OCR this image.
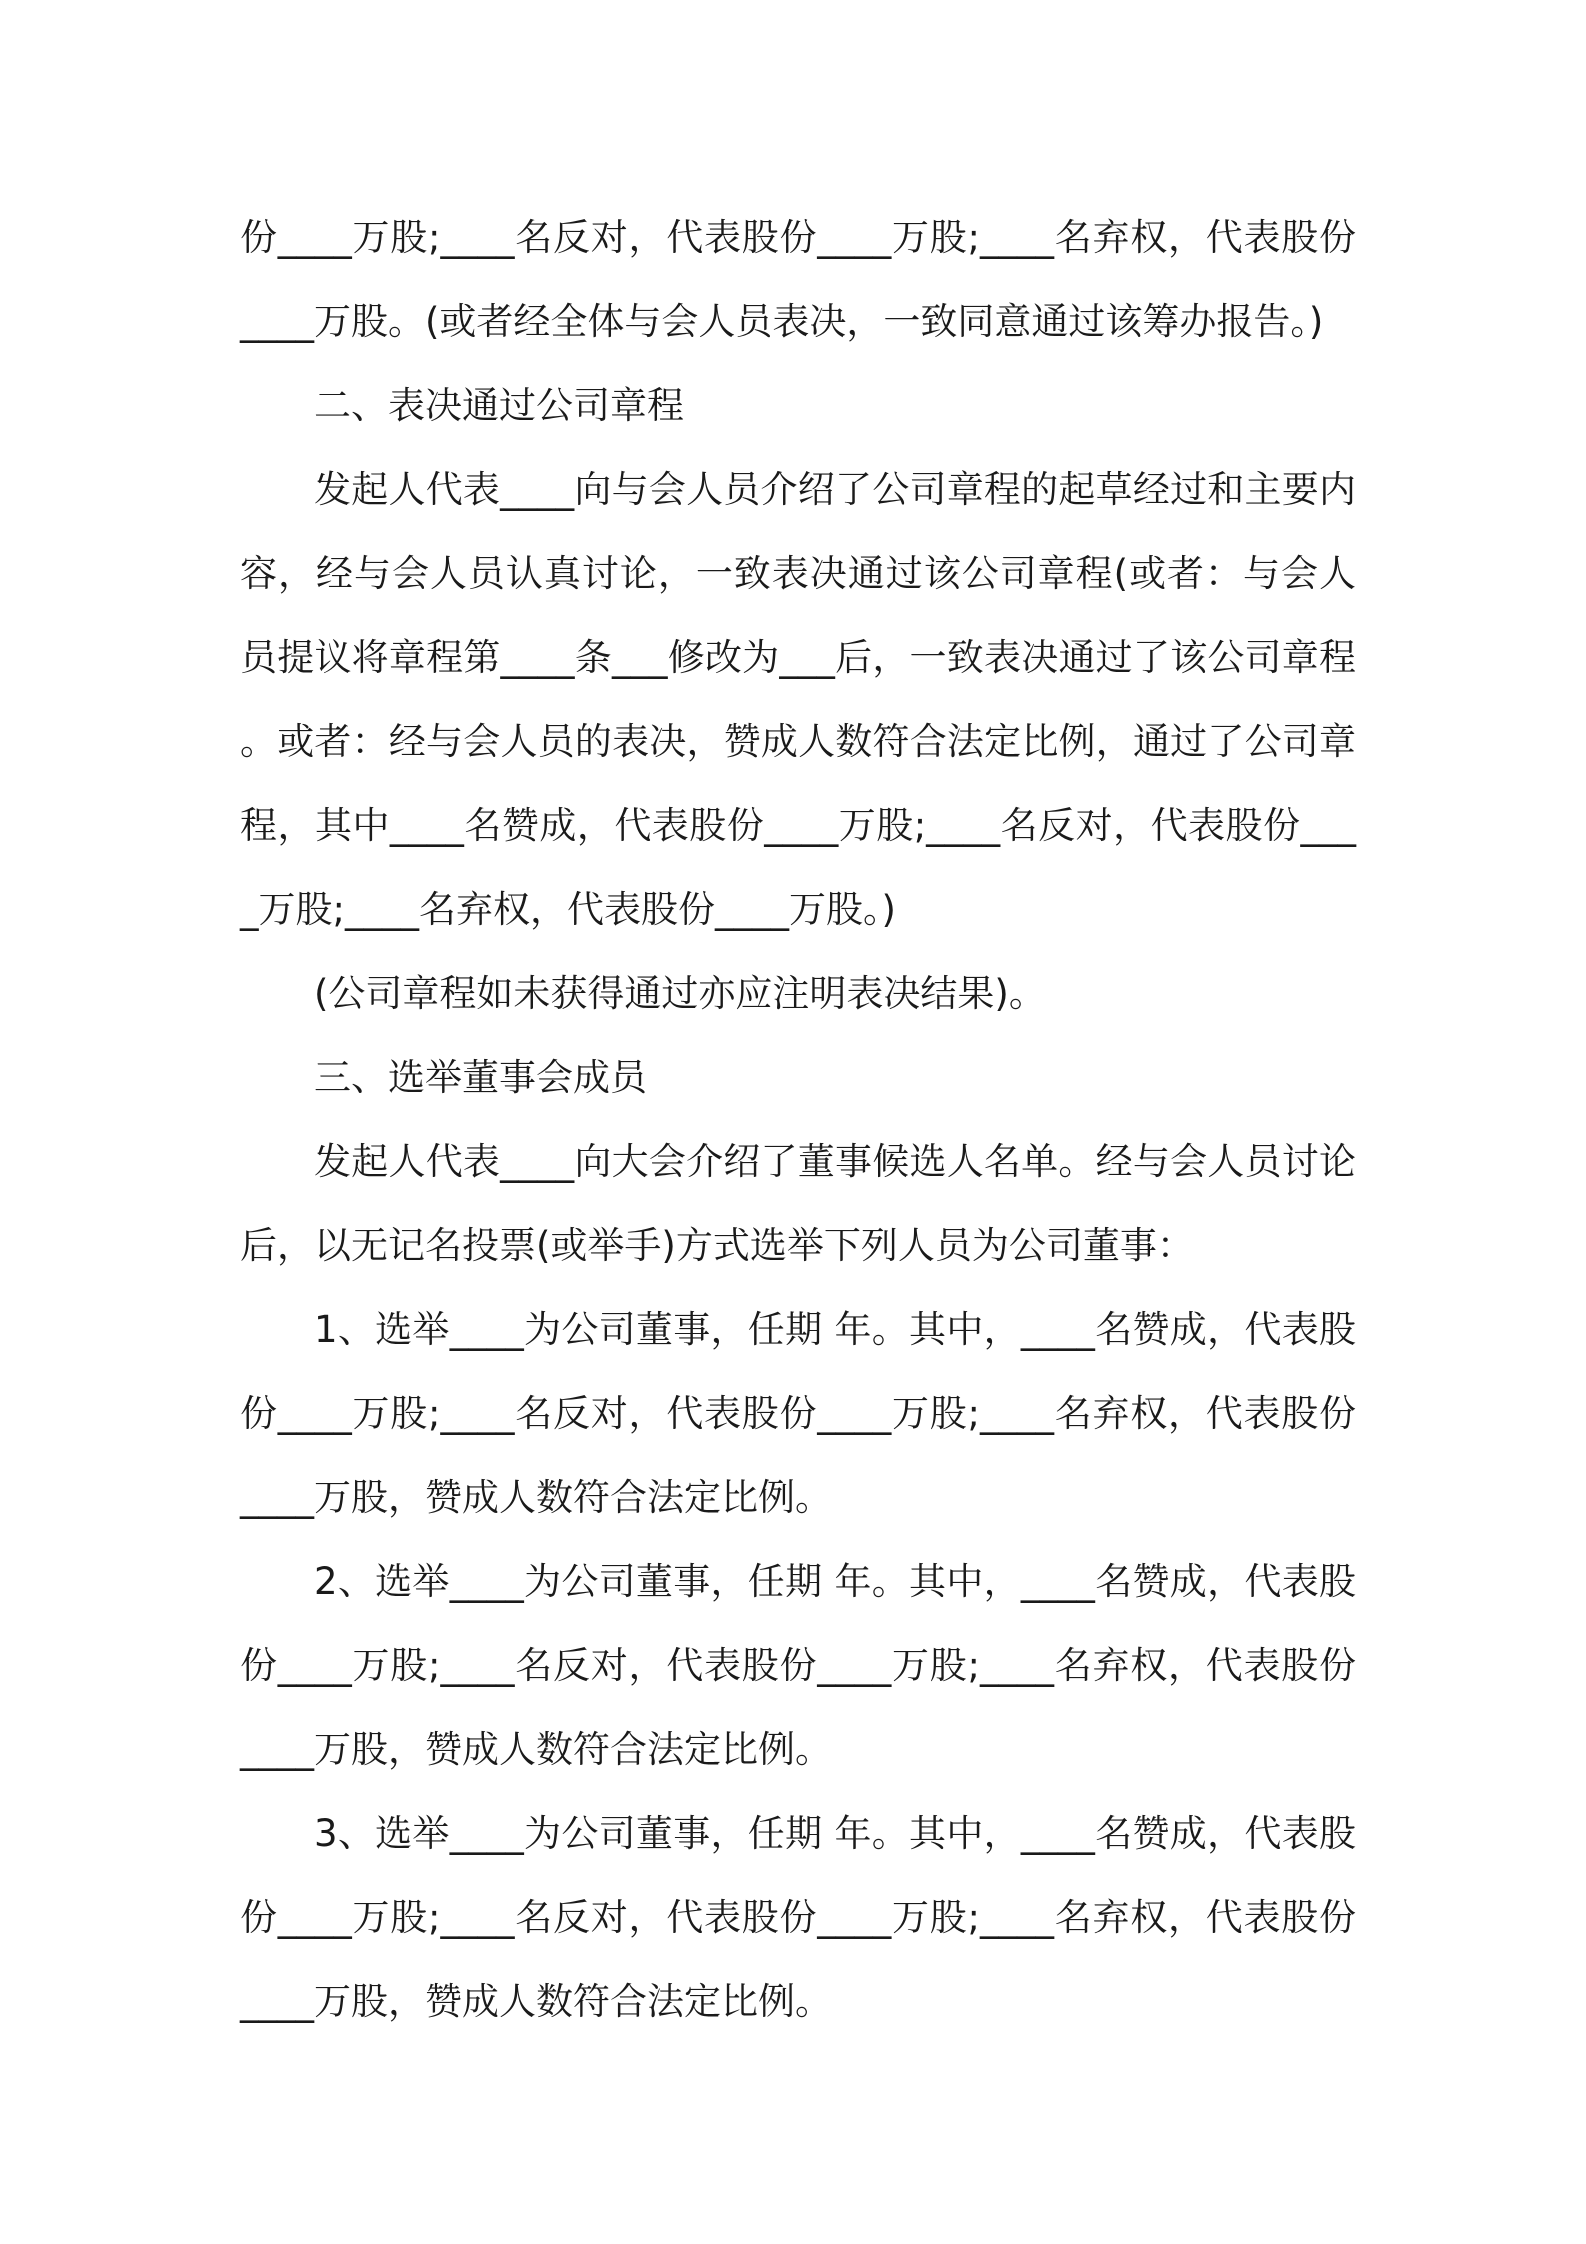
份____万股;____名反对，代表股份____万股;____名弃权，代表股份____万股。(或者经全体与会人员表决，一致同意通过该筹办报告。)

二、表决通过公司章程

发起人代表____向与会人员介绍了公司章程的起草经过和主要内容，经与会人员认真讨论，一致表决通过该公司章程(或者：与会人员提议将章程第____条___修改为___后，一致表决通过了该公司章程。或者：经与会人员的表决，赞成人数符合法定比例，通过了公司章程，其中____名赞成，代表股份____万股;____名反对，代表股份____万股;____名弃权，代表股份____万股。)

(公司章程如未获得通过亦应注明表决结果)。

三、选举董事会成员

发起人代表____向大会介绍了董事候选人名单。经与会人员讨论后，以无记名投票(或举手)方式选举下列人员为公司董事：

1、选举____为公司董事，任期 年。其中，____名赞成，代表股份____万股;____名反对，代表股份____万股;____名弃权，代表股份____万股，赞成人数符合法定比例。

2、选举____为公司董事，任期 年。其中，____名赞成，代表股份____万股;____名反对，代表股份____万股;____名弃权，代表股份____万股，赞成人数符合法定比例。

3、选举____为公司董事，任期 年。其中，____名赞成，代表股份____万股;____名反对，代表股份____万股;____名弃权，代表股份____万股，赞成人数符合法定比例。
